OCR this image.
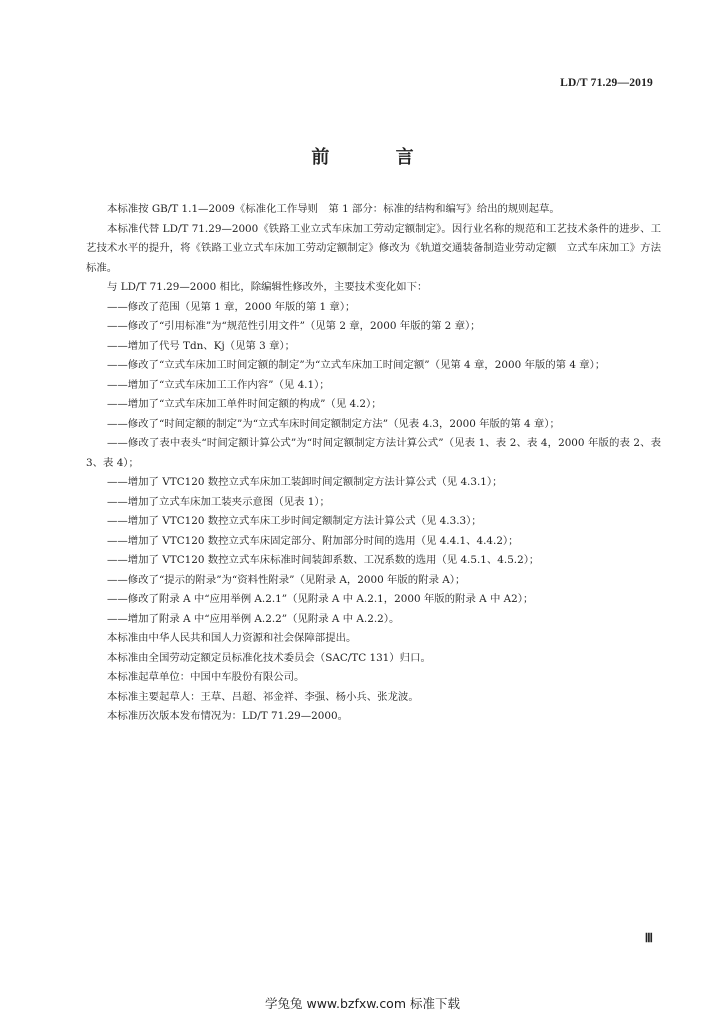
LD/T 71.29—2019
前 言

本标准按 GB/T 1.1—2009《标准化工作导则　第 1 部分：标准的结构和编写》给出的规则起草。

本标准代替 LD/T 71.29—2000《铁路工业立式车床加工劳动定额制定》。因行业名称的规范和工艺技术条件的进步、工艺技术水平的提升，将《铁路工业立式车床加工劳动定额制定》修改为《轨道交通装备制造业劳动定额　立式车床加工》方法标准。

与 LD/T 71.29—2000 相比，除编辑性修改外，主要技术变化如下：

——修改了范围（见第 1 章，2000 年版的第 1 章）；

——修改了“引用标准”为“规范性引用文件”（见第 2 章，2000 年版的第 2 章）；

——增加了代号 Tdn、Kj（见第 3 章）；

——修改了“立式车床加工时间定额的制定”为“立式车床加工时间定额”（见第 4 章，2000 年版的第 4 章）；

——增加了“立式车床加工工作内容”（见 4.1）；

——增加了“立式车床加工单件时间定额的构成”（见 4.2）；

——修改了“时间定额的制定”为“立式车床时间定额制定方法”（见表 4.3，2000 年版的第 4 章）；

——修改了表中表头“时间定额计算公式”为“时间定额制定方法计算公式”（见表 1、表 2、表 4，2000 年版的表 2、表 3、表 4）；

——增加了 VTC120 数控立式车床加工装卸时间定额制定方法计算公式（见 4.3.1）；

——增加了立式车床加工装夹示意图（见表 1）；

——增加了 VTC120 数控立式车床工步时间定额制定方法计算公式（见 4.3.3）；

——增加了 VTC120 数控立式车床固定部分、附加部分时间的选用（见 4.4.1、4.4.2）；

——增加了 VTC120 数控立式车床标准时间装卸系数、工况系数的选用（见 4.5.1、4.5.2）；

——修改了“提示的附录”为“资料性附录”（见附录 A，2000 年版的附录 A）；

——修改了附录 A 中“应用举例 A.2.1”（见附录 A 中 A.2.1，2000 年版的附录 A 中 A2）；

——增加了附录 A 中“应用举例 A.2.2”（见附录 A 中 A.2.2）。

本标准由中华人民共和国人力资源和社会保障部提出。

本标准由全国劳动定额定员标准化技术委员会（SAC/TC 131）归口。

本标准起草单位：中国中车股份有限公司。

本标准主要起草人：王草、吕超、祁金祥、李强、杨小兵、张龙波。

本标准历次版本发布情况为：LD/T 71.29—2000。

Ⅲ
学兔兔 www.bzfxw.com 标准下载
